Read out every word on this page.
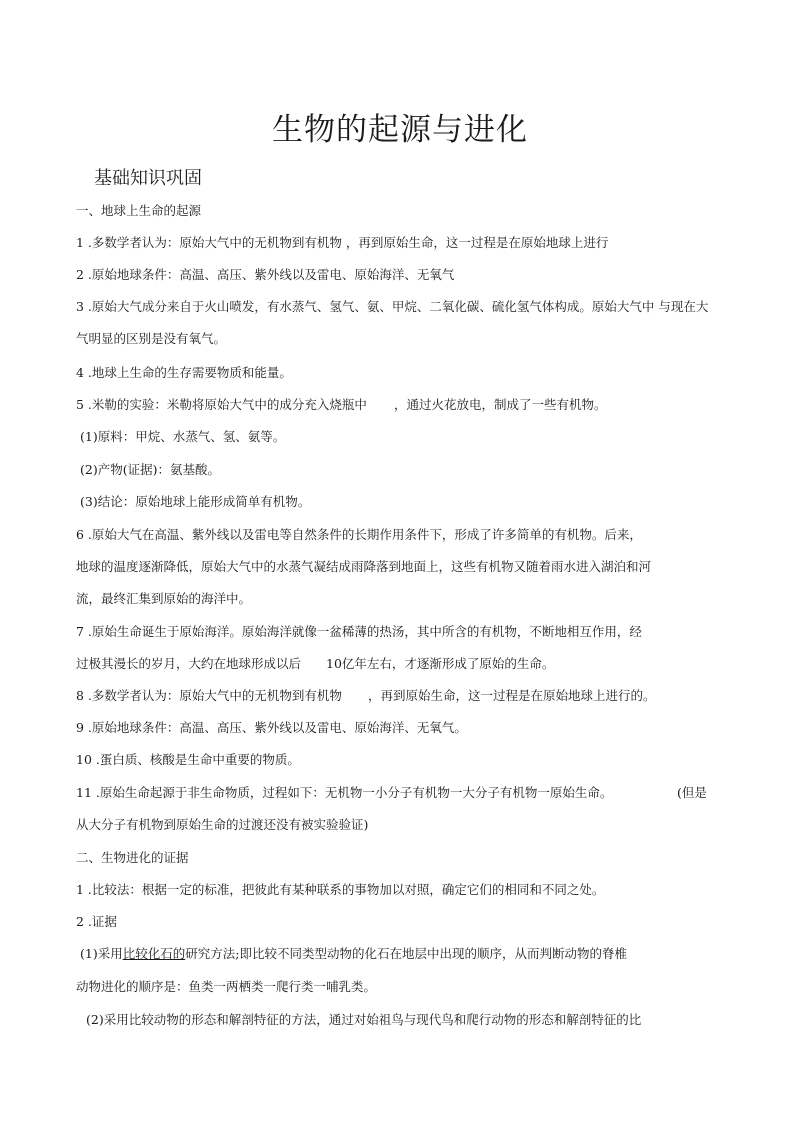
生物的起源与进化
基础知识巩固
一、地球上生命的起源
1 .多数学者认为：原始大气中的无机物到有机物 ，再到原始生命，这一过程是在原始地球上进行
2 .原始地球条件：高温、高压、紫外线以及雷电、原始海洋、无氧气
3 .原始大气成分来自于火山喷发，有水蒸气、氢气、氨、甲烷、二氧化碳、硫化氢气体构成。原始大气中 与现在大
气明显的区别是没有氧气。
4 .地球上生命的生存需要物质和能量。
5 .米勒的实验：米勒将原始大气中的成分充入烧瓶中 ，通过火花放电，制成了一些有机物。
(1)原料：甲烷、水蒸气、氢、氨等。
(2)产物(证据)：氨基酸。
(3)结论：原始地球上能形成简单有机物。
6 .原始大气在高温、紫外线以及雷电等自然条件的长期作用条件下，形成了许多简单的有机物。后来，
地球的温度逐渐降低，原始大气中的水蒸气凝结成雨降落到地面上，这些有机物又随着雨水进入湖泊和河
流，最终汇集到原始的海洋中。
7 .原始生命诞生于原始海洋。原始海洋就像一盆稀薄的热汤，其中所含的有机物，不断地相互作用，经
过极其漫长的岁月，大约在地球形成以后 10亿年左右，才逐渐形成了原始的生命。
8 .多数学者认为：原始大气中的无机物到有机物 ，再到原始生命，这一过程是在原始地球上进行的。
9 .原始地球条件：高温、高压、紫外线以及雷电、原始海洋、无氧气。
10 .蛋白质、核酸是生命中重要的物质。
11 .原始生命起源于非生命物质，过程如下：无机物一小分子有机物一大分子有机物一原始生命。	(但是
从大分子有机物到原始生命的过渡还没有被实验验证)
二、生物进化的证据
1 .比较法：根据一定的标准，把彼此有某种联系的事物加以对照，确定它们的相同和不同之处。
2 .证据
(1)采用比较化石的研究方法;即比较不同类型动物的化石在地层中出现的顺序，从而判断动物的脊椎
动物进化的顺序是：鱼类一两栖类一爬行类一哺乳类。
(2)采用比较动物的形态和解剖特征的方法，通过对始祖鸟与现代鸟和爬行动物的形态和解剖特征的比
